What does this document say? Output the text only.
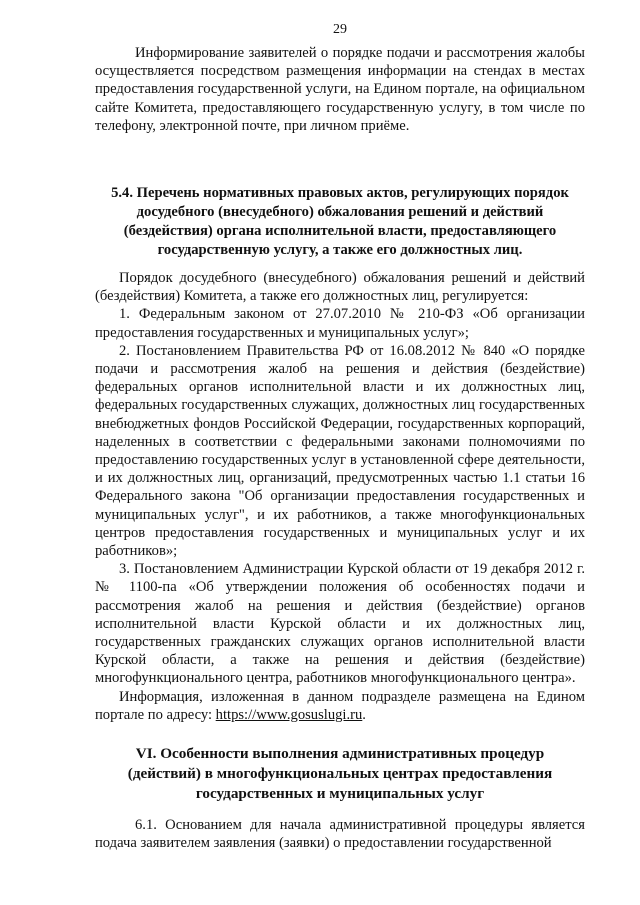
29

Информирование заявителей о порядке подачи и рассмотрения жалобы осуществляется посредством размещения информации на стендах в местах предоставления государственной услуги, на Едином портале, на официальном сайте Комитета, предоставляющего государственную услугу, в том числе по телефону, электронной почте, при личном приёме.

5.4. Перечень нормативных правовых актов, регулирующих порядок досудебного (внесудебного) обжалования решений и действий (бездействия) органа исполнительной власти, предоставляющего государственную услугу, а также его должностных лиц.

Порядок досудебного (внесудебного) обжалования решений и действий (бездействия) Комитета, а также его должностных лиц, регулируется:

1. Федеральным законом от 27.07.2010 № 210-ФЗ «Об организации предоставления государственных и муниципальных услуг»;

2. Постановлением Правительства РФ от 16.08.2012 № 840 «О порядке подачи и рассмотрения жалоб на решения и действия (бездействие) федеральных органов исполнительной власти и их должностных лиц, федеральных государственных служащих, должностных лиц государственных внебюджетных фондов Российской Федерации, государственных корпораций, наделенных в соответствии с федеральными законами полномочиями по предоставлению государственных услуг в установленной сфере деятельности, и их должностных лиц, организаций, предусмотренных частью 1.1 статьи 16 Федерального закона "Об организации предоставления государственных и муниципальных услуг", и их работников, а также многофункциональных центров предоставления государственных и муниципальных услуг и их работников»;

3. Постановлением Администрации Курской области от 19 декабря 2012 г. № 1100-па «Об утверждении положения об особенностях подачи и рассмотрения жалоб на решения и действия (бездействие) органов исполнительной власти Курской области и их должностных лиц, государственных гражданских служащих органов исполнительной власти Курской области, а также на решения и действия (бездействие) многофункционального центра, работников многофункционального центра».

Информация, изложенная в данном подразделе размещена на Едином портале по адресу: https://www.gosuslugi.ru.

VI. Особенности выполнения административных процедур (действий) в многофункциональных центрах предоставления государственных и муниципальных услуг

6.1. Основанием для начала административной процедуры является подача заявителем заявления (заявки) о предоставлении государственной
